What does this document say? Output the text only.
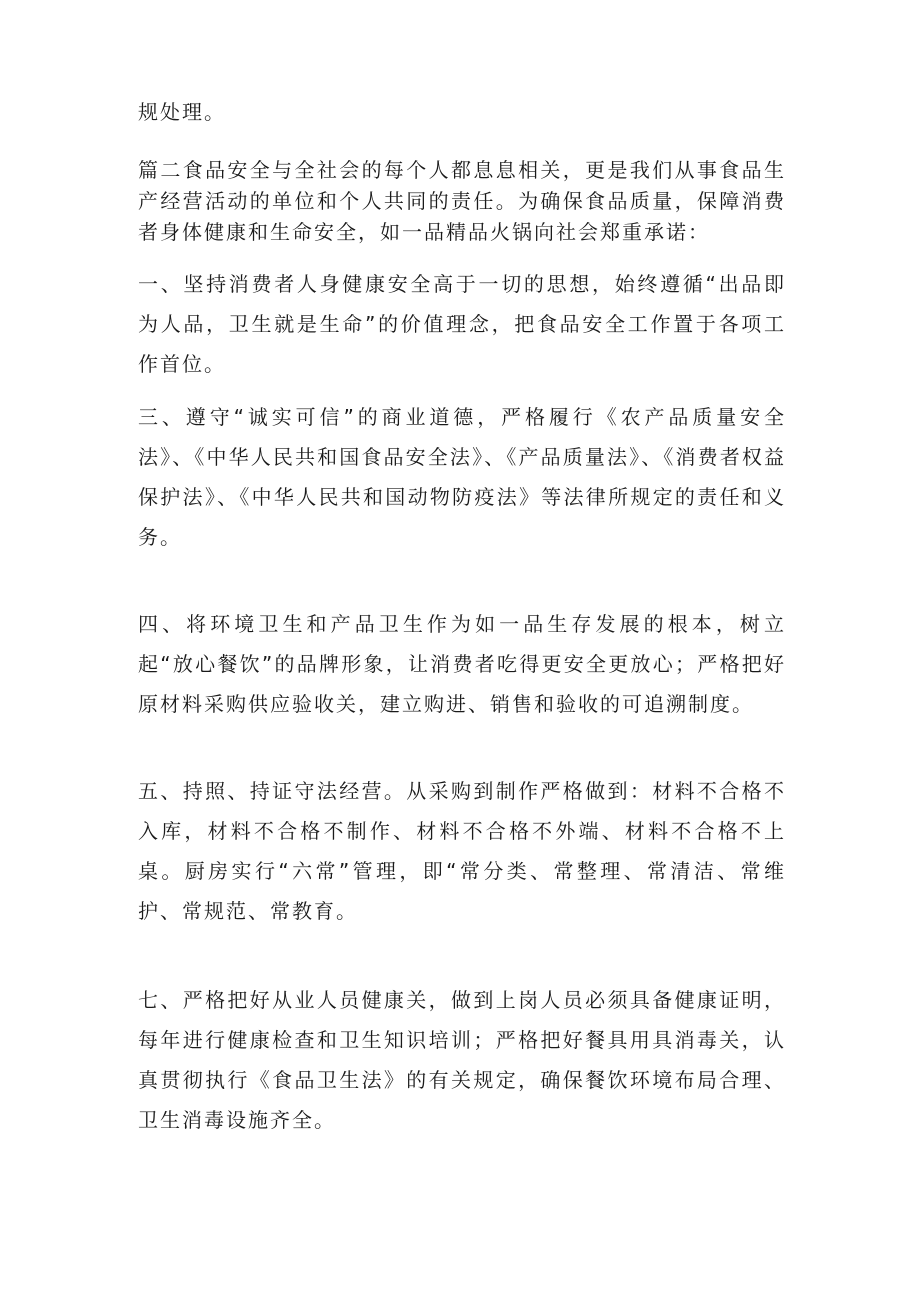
规处理。

篇二食品安全与全社会的每个人都息息相关，更是我们从事食品生产经营活动的单位和个人共同的责任。为确保食品质量，保障消费者身体健康和生命安全，如一品精品火锅向社会郑重承诺：

一、坚持消费者人身健康安全高于一切的思想，始终遵循“出品即为人品，卫生就是生命”的价值理念，把食品安全工作置于各项工作首位。

三、遵守“诚实可信”的商业道德，严格履行《农产品质量安全法》、《中华人民共和国食品安全法》、《产品质量法》、《消费者权益保护法》、《中华人民共和国动物防疫法》等法律所规定的责任和义务。

四、将环境卫生和产品卫生作为如一品生存发展的根本，树立起“放心餐饮”的品牌形象，让消费者吃得更安全更放心；严格把好原材料采购供应验收关，建立购进、销售和验收的可追溯制度。

五、持照、持证守法经营。从采购到制作严格做到：材料不合格不入库，材料不合格不制作、材料不合格不外端、材料不合格不上桌。厨房实行“六常”管理，即“常分类、常整理、常清洁、常维护、常规范、常教育。

七、严格把好从业人员健康关，做到上岗人员必须具备健康证明，每年进行健康检查和卫生知识培训；严格把好餐具用具消毒关，认真贯彻执行《食品卫生法》的有关规定，确保餐饮环境布局合理、卫生消毒设施齐全。
